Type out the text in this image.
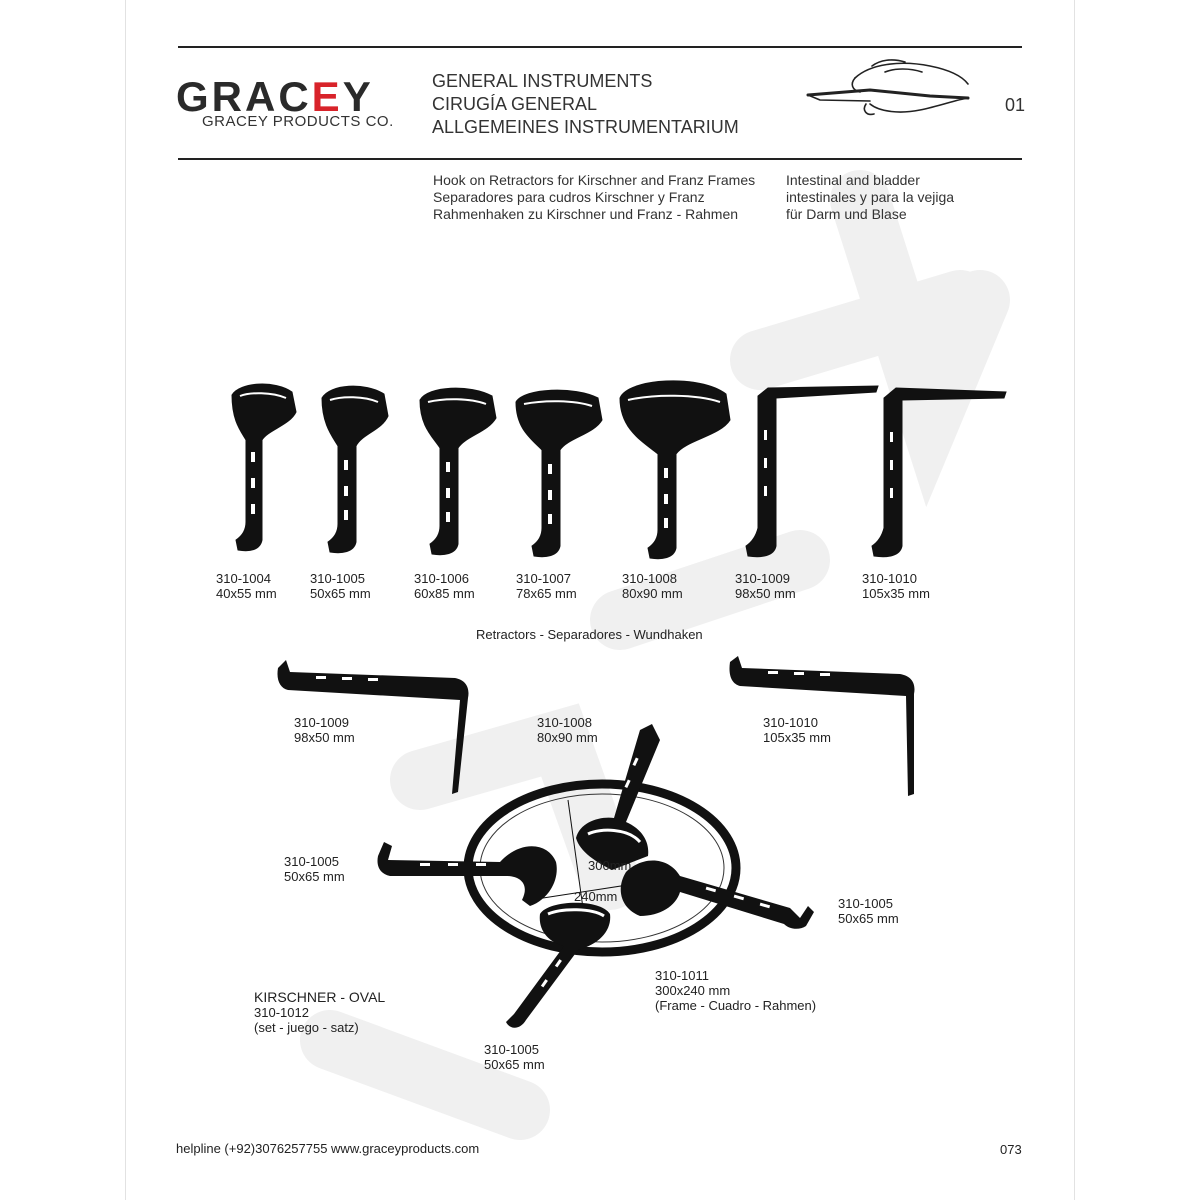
GRACEY
GRACEY PRODUCTS CO.
GENERAL INSTRUMENTS
CIRUGÍA GENERAL
ALLGEMEINES INSTRUMENTARIUM
01
Hook on Retractors for Kirschner and Franz Frames
Separadores para cudros Kirschner y Franz
Rahmenhaken zu Kirschner und Franz - Rahmen
Intestinal and bladder
intestinales y para la vejiga
für Darm und Blase
310-1004
40x55 mm
310-1005
50x65 mm
310-1006
60x85 mm
310-1007
78x65 mm
310-1008
80x90 mm
310-1009
98x50 mm
310-1010
105x35 mm
Retractors - Separadores - Wundhaken
310-1009
98x50 mm
310-1008
80x90 mm
310-1010
105x35 mm
310-1005
50x65 mm
310-1005
50x65 mm
300mm
240mm
310-1011
300x240 mm
(Frame - Cuadro - Rahmen)
KIRSCHNER - OVAL
310-1012
(set - juego - satz)
310-1005
50x65 mm
helpline (+92)3076257755 www.graceyproducts.com	073
